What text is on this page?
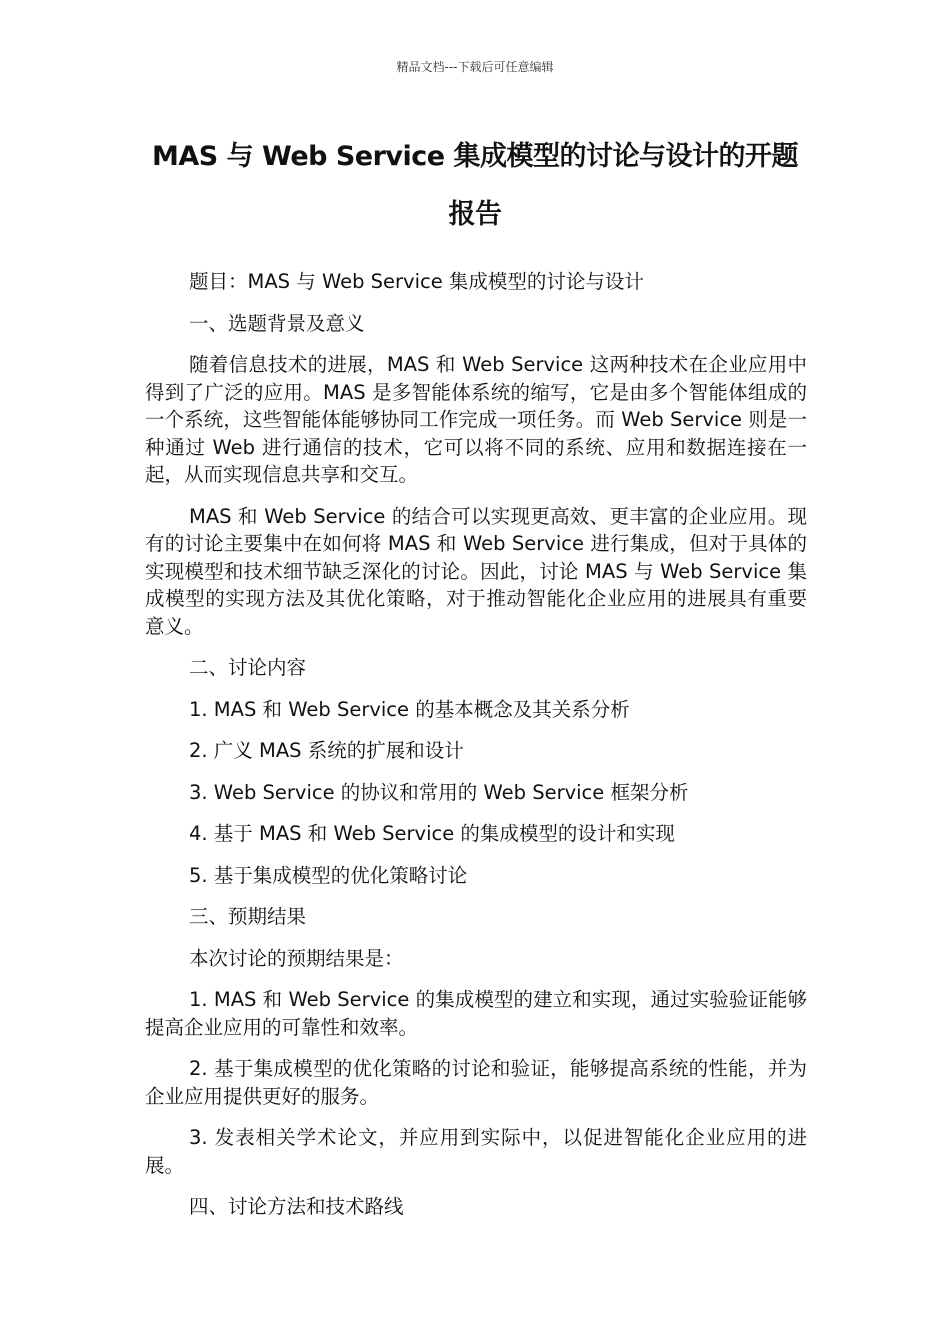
精品文档---下载后可任意编辑
MAS 与 Web Service 集成模型的讨论与设计的开题
报告

题目：MAS 与 Web Service 集成模型的讨论与设计

一、选题背景及意义

随着信息技术的进展，MAS 和 Web Service 这两种技术在企业应用中得到了广泛的应用。MAS 是多智能体系统的缩写，它是由多个智能体组成的一个系统，这些智能体能够协同工作完成一项任务。而 Web Service 则是一种通过 Web 进行通信的技术，它可以将不同的系统、应用和数据连接在一起，从而实现信息共享和交互。

MAS 和 Web Service 的结合可以实现更高效、更丰富的企业应用。现有的讨论主要集中在如何将 MAS 和 Web Service 进行集成，但对于具体的实现模型和技术细节缺乏深化的讨论。因此，讨论 MAS 与 Web Service 集成模型的实现方法及其优化策略，对于推动智能化企业应用的进展具有重要意义。

二、讨论内容

1. MAS 和 Web Service 的基本概念及其关系分析

2. 广义 MAS 系统的扩展和设计

3. Web Service 的协议和常用的 Web Service 框架分析

4. 基于 MAS 和 Web Service 的集成模型的设计和实现

5. 基于集成模型的优化策略讨论

三、预期结果

本次讨论的预期结果是：

1. MAS 和 Web Service 的集成模型的建立和实现，通过实验验证能够提高企业应用的可靠性和效率。

2. 基于集成模型的优化策略的讨论和验证，能够提高系统的性能，并为企业应用提供更好的服务。

3. 发表相关学术论文，并应用到实际中，以促进智能化企业应用的进展。

四、讨论方法和技术路线
